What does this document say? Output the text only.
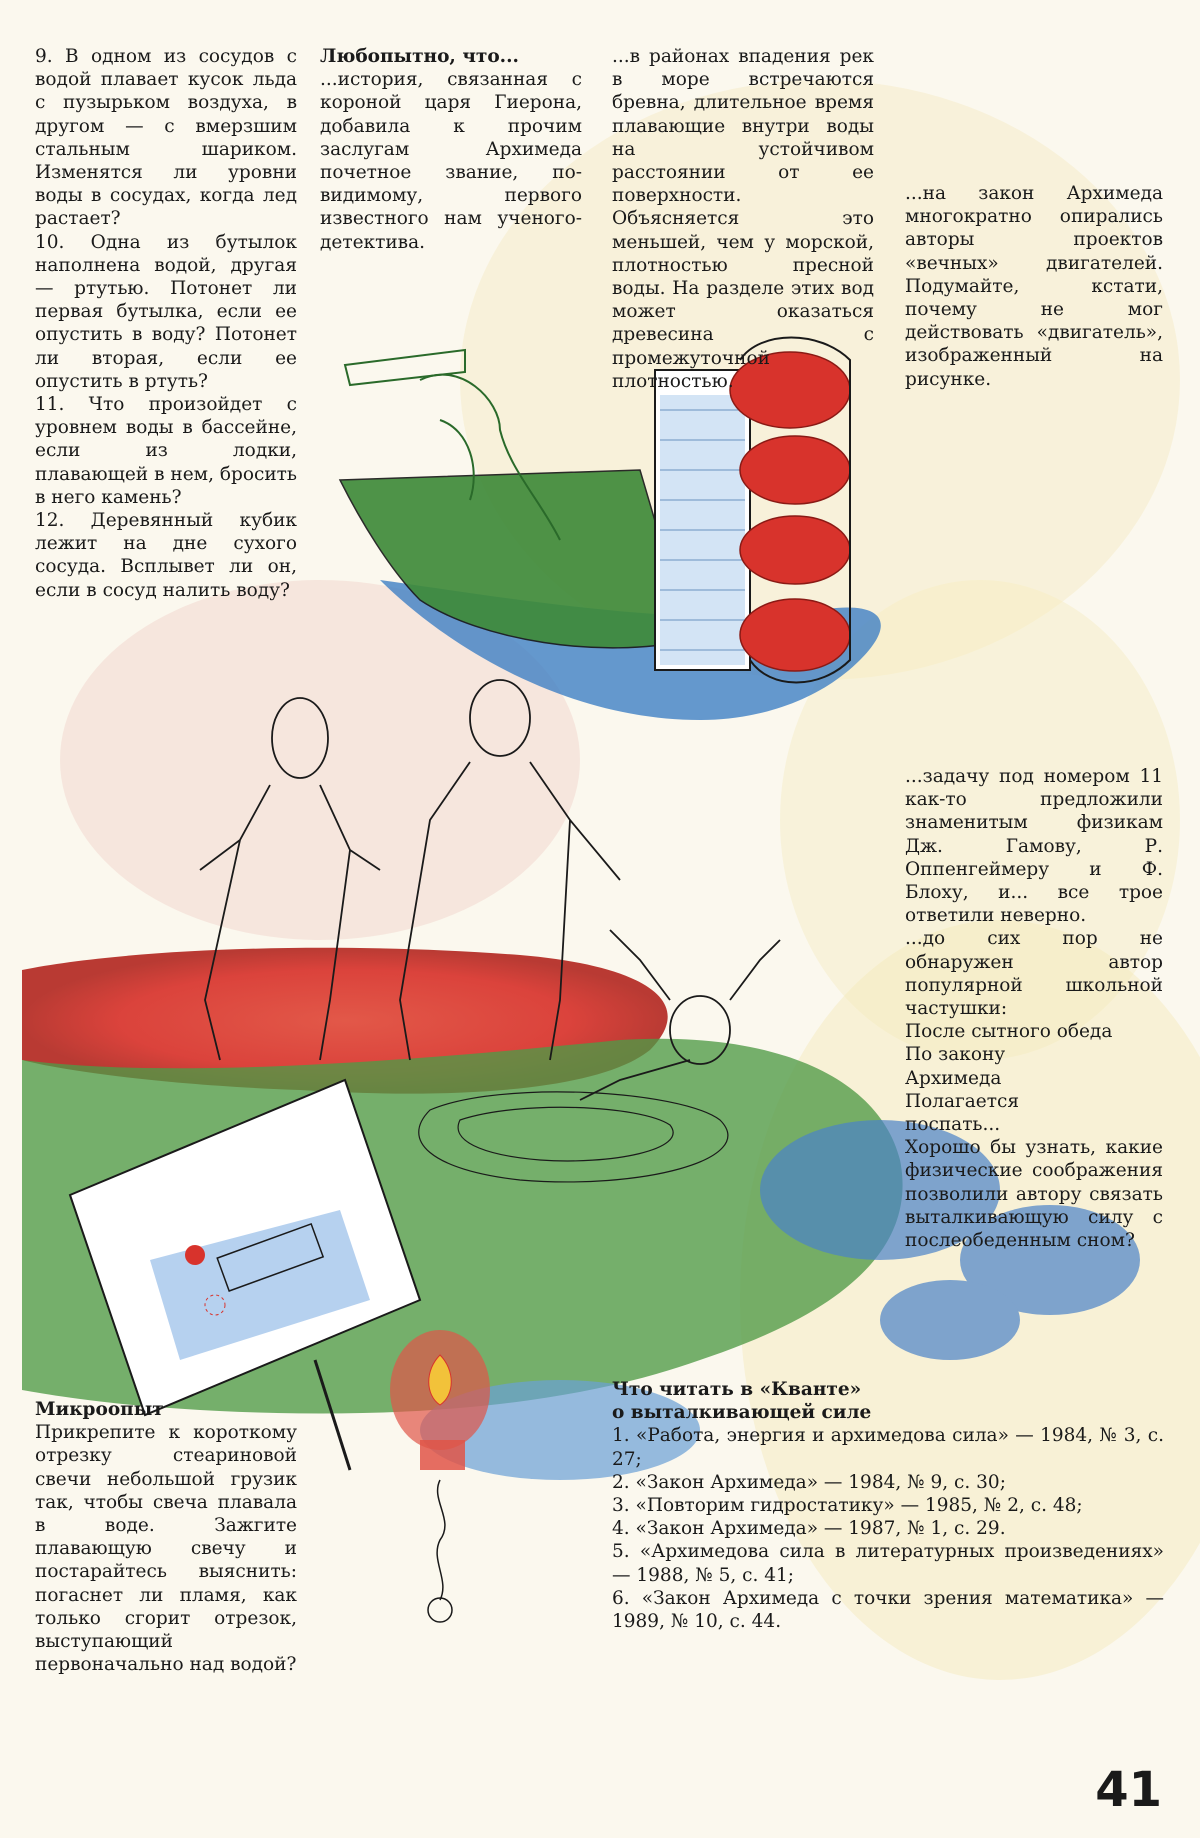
9. В одном из сосудов с водой плавает кусок льда с пузырьком воздуха, в другом — с вмерзшим стальным шариком. Изменятся ли уровни воды в сосудах, когда лед растает?

10. Одна из бутылок наполнена водой, другая — ртутью. Потонет ли первая бутылка, если ее опустить в воду? Потонет ли вторая, если ее опустить в ртуть?

11. Что произойдет с уровнем воды в бассейне, если из лодки, плавающей в нем, бросить в него камень?

12. Деревянный кубик лежит на дне сухого сосуда. Всплывет ли он, если в сосуд налить воду?

Любопытно, что...

...история, связанная с короной царя Гиерона, добавила к прочим заслугам Архимеда почетное звание, по-видимому, первого известного нам ученого-детектива.

...в районах впадения рек в море встречаются бревна, длительное время плавающие внутри воды на устойчивом расстоянии от ее поверхности. Объясняется это меньшей, чем у морской, плотностью пресной воды. На разделе этих вод может оказаться древесина с промежуточной плотностью.

...на закон Архимеда многократно опирались авторы проектов «вечных» двигателей. Подумайте, кстати, почему не мог действовать «двигатель», изображенный на рисунке.

...задачу под номером 11 как-то предложили знаменитым физикам Дж. Гамову, Р. Оппенгеймеру и Ф. Блоху, и... все трое ответили неверно.

...до сих пор не обнаружен автор популярной школьной частушки:

После сытного обеда

По закону

Архимеда

Полагается

поспать...

Хорошо бы узнать, какие физические соображения позволили автору связать выталкивающую силу с послеобеденным сном?

Микроопыт

Прикрепите к короткому отрезку стеариновой свечи небольшой грузик так, чтобы свеча плавала в воде. Зажгите плавающую свечу и постарайтесь выяснить: погаснет ли пламя, как только сгорит отрезок, выступающий первоначально над водой?

Что читать в «Кванте»

о выталкивающей силе

1. «Работа, энергия и архимедова сила» — 1984, № 3, с. 27;

2. «Закон Архимеда» — 1984, № 9, с. 30;

3. «Повторим гидростатику» — 1985, № 2, с. 48;

4. «Закон Архимеда» — 1987, № 1, с. 29.

5. «Архимедова сила в литературных произведениях» — 1988, № 5, с. 41;

6. «Закон Архимеда с точки зрения математика» — 1989, № 10, с. 44.

41
